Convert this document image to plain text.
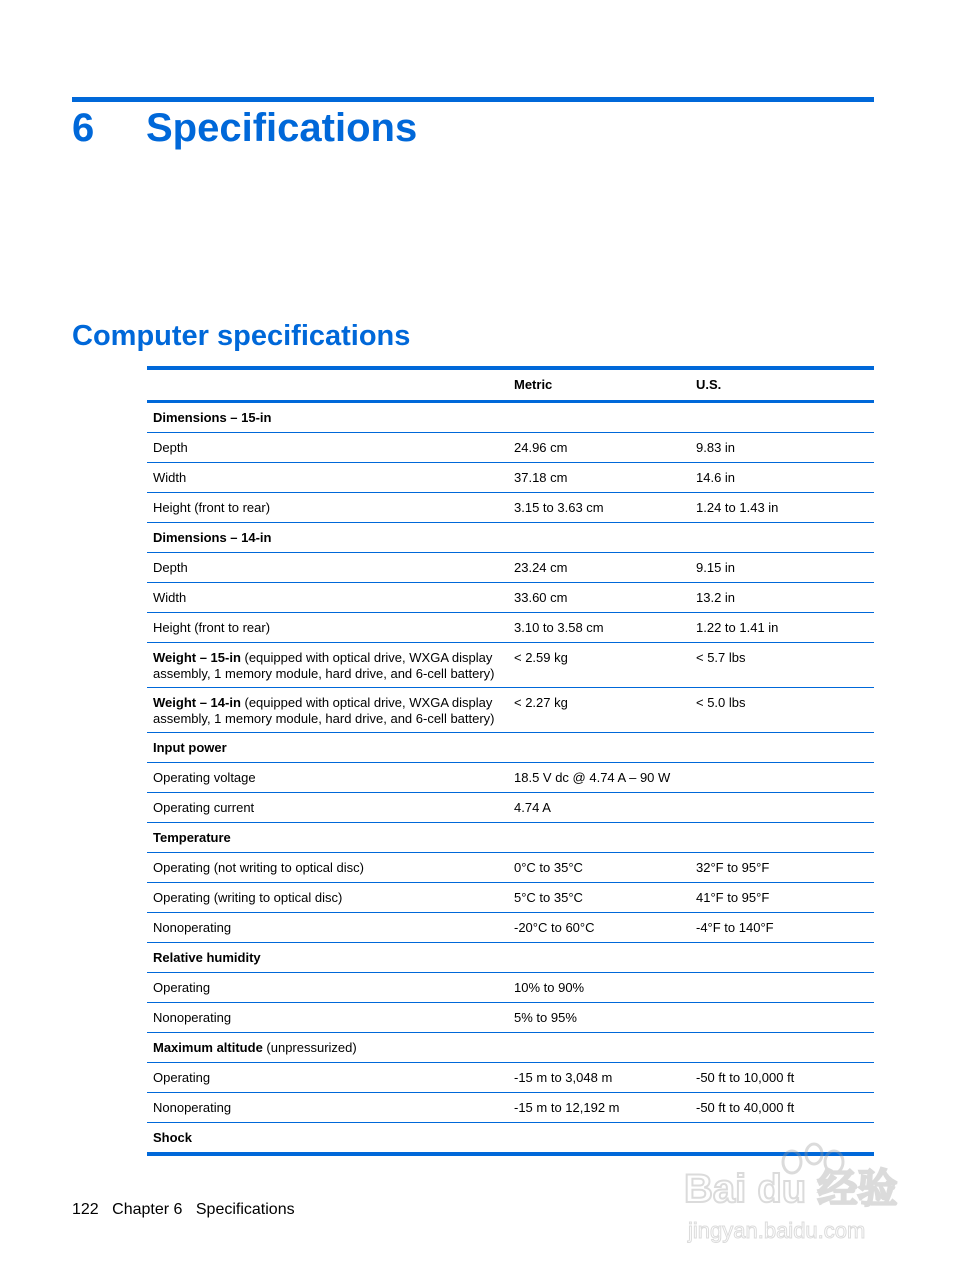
6	Specifications
Computer specifications
	Metric	U.S.
Dimensions – 15-in		
Depth	24.96 cm	9.83 in
Width	37.18 cm	14.6 in
Height (front to rear)	3.15 to 3.63 cm	1.24 to 1.43 in
Dimensions – 14-in		
Depth	23.24 cm	9.15 in
Width	33.60 cm	13.2 in
Height (front to rear)	3.10 to 3.58 cm	1.22 to 1.41 in
Weight – 15-in (equipped with optical drive, WXGA display assembly, 1 memory module, hard drive, and 6-cell battery)	< 2.59 kg	< 5.7 lbs
Weight – 14-in (equipped with optical drive, WXGA display assembly, 1 memory module, hard drive, and 6-cell battery)	< 2.27 kg	< 5.0 lbs
Input power		
Operating voltage	18.5 V dc @ 4.74 A – 90 W	
Operating current	4.74 A	
Temperature		
Operating (not writing to optical disc)	0°C to 35°C	32°F to 95°F
Operating (writing to optical disc)	5°C to 35°C	41°F to 95°F
Nonoperating	-20°C to 60°C	-4°F to 140°F
Relative humidity		
Operating	10% to 90%	
Nonoperating	5% to 95%	
Maximum altitude (unpressurized)		
Operating	-15 m to 3,048 m	-50 ft to 10,000 ft
Nonoperating	-15 m to 12,192 m	-50 ft to 40,000 ft
Shock		
122 Chapter 6 Specifications	Bai du 经验
jingyan.baidu.com
